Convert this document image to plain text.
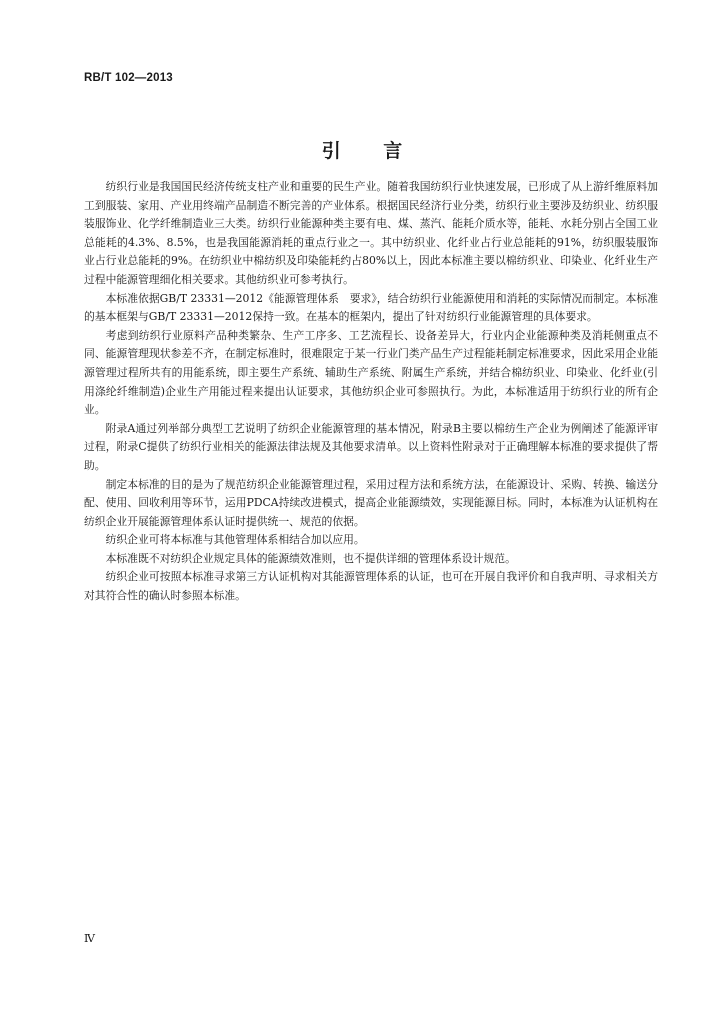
RB/T 102—2013
引 言

纺织行业是我国国民经济传统支柱产业和重要的民生产业。随着我国纺织行业快速发展，已形成了从上游纤维原料加工到服装、家用、产业用终端产品制造不断完善的产业体系。根据国民经济行业分类，纺织行业主要涉及纺织业、纺织服装服饰业、化学纤维制造业三大类。纺织行业能源种类主要有电、煤、蒸汽、能耗介质水等，能耗、水耗分别占全国工业总能耗的4.3%、8.5%，也是我国能源消耗的重点行业之一。其中纺织业、化纤业占行业总能耗的91%，纺织服装服饰业占行业总能耗的9%。在纺织业中棉纺织及印染能耗约占80%以上，因此本标准主要以棉纺织业、印染业、化纤业生产过程中能源管理细化相关要求。其他纺织业可参考执行。

本标准依据GB/T 23331—2012《能源管理体系　要求》，结合纺织行业能源使用和消耗的实际情况而制定。本标准的基本框架与GB/T 23331—2012保持一致。在基本的框架内，提出了针对纺织行业能源管理的具体要求。

考虑到纺织行业原料产品种类繁杂、生产工序多、工艺流程长、设备差异大，行业内企业能源种类及消耗侧重点不同、能源管理现状参差不齐，在制定标准时，很难限定于某一行业门类产品生产过程能耗制定标准要求，因此采用企业能源管理过程所共有的用能系统，即主要生产系统、辅助生产系统、附属生产系统，并结合棉纺织业、印染业、化纤业(引用涤纶纤维制造)企业生产用能过程来提出认证要求，其他纺织企业可参照执行。为此，本标准适用于纺织行业的所有企业。

附录A通过列举部分典型工艺说明了纺织企业能源管理的基本情况，附录B主要以棉纺生产企业为例阐述了能源评审过程，附录C提供了纺织行业相关的能源法律法规及其他要求清单。以上资料性附录对于正确理解本标准的要求提供了帮助。

制定本标准的目的是为了规范纺织企业能源管理过程，采用过程方法和系统方法，在能源设计、采购、转换、输送分配、使用、回收利用等环节，运用PDCA持续改进模式，提高企业能源绩效，实现能源目标。同时，本标准为认证机构在纺织企业开展能源管理体系认证时提供统一、规范的依据。

纺织企业可将本标准与其他管理体系相结合加以应用。

本标准既不对纺织企业规定具体的能源绩效准则，也不提供详细的管理体系设计规范。

纺织企业可按照本标准寻求第三方认证机构对其能源管理体系的认证，也可在开展自我评价和自我声明、寻求相关方对其符合性的确认时参照本标准。

Ⅳ
